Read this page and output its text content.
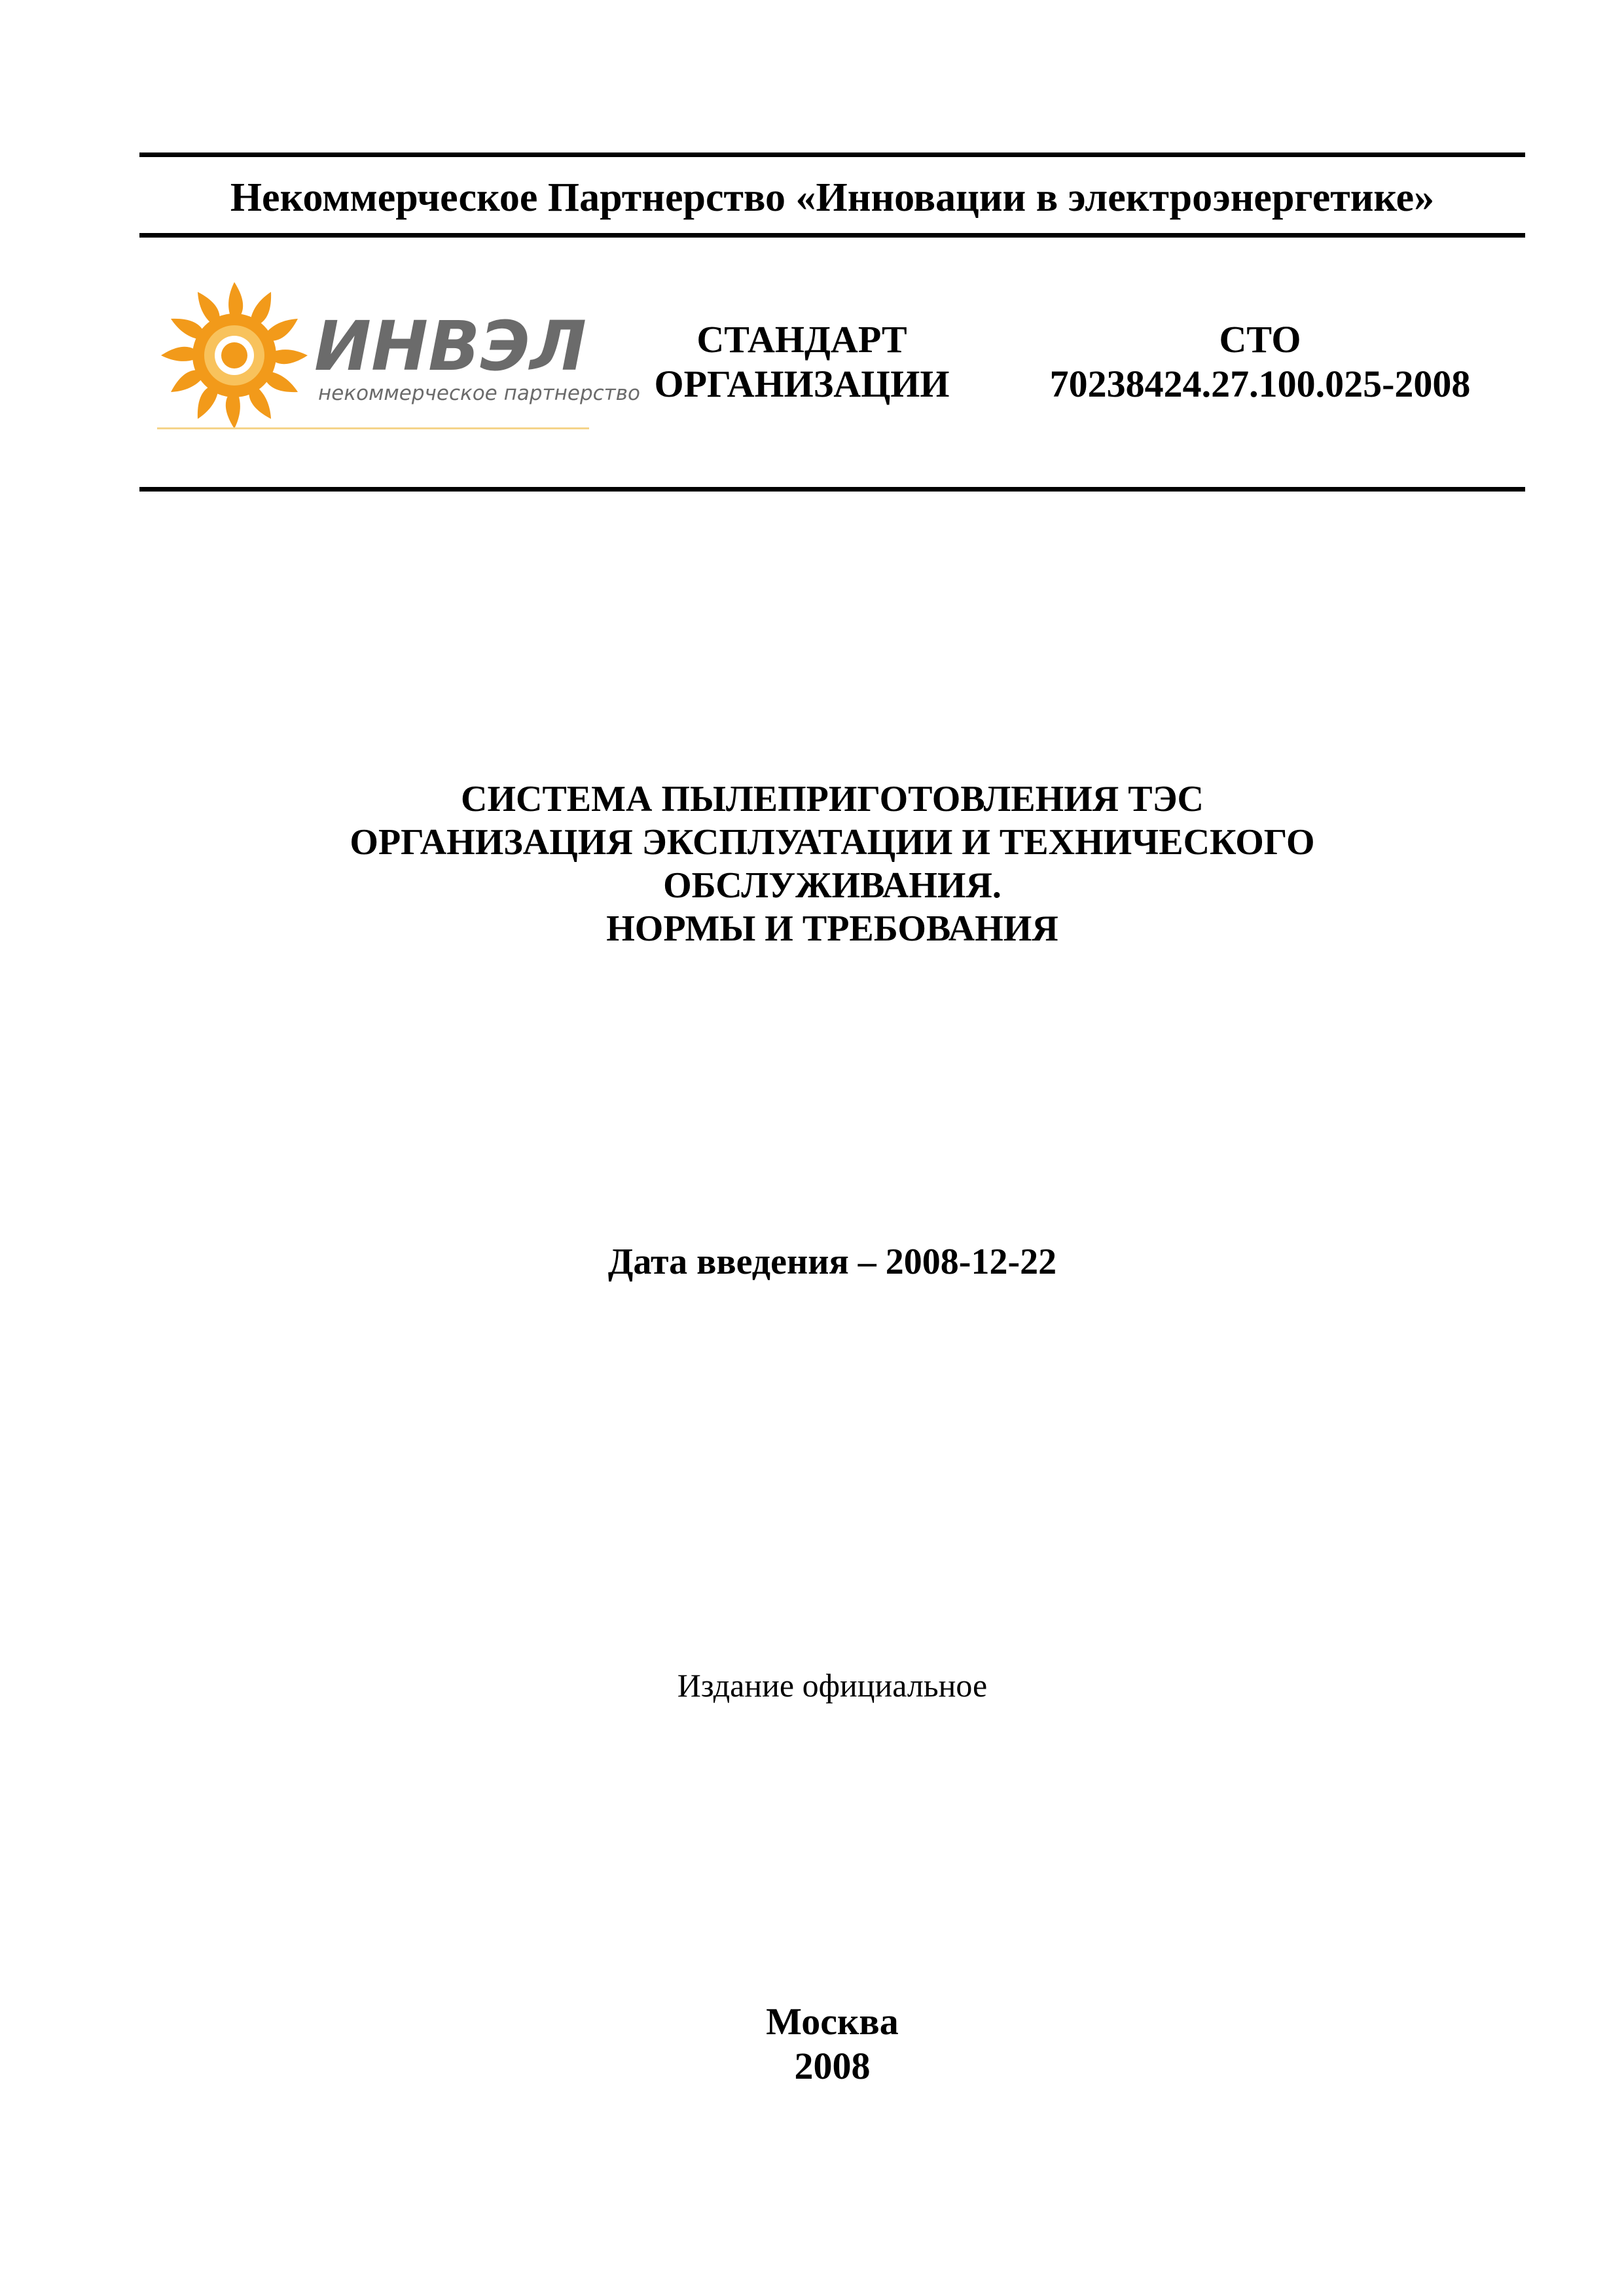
Некоммерческое Партнерство «Инновации в электроэнергетике»
ИНВЭЛ
некоммерческое партнерство
СТАНДАРТ
ОРГАНИЗАЦИИ
СТО
70238424.27.100.025-2008
СИСТЕМА ПЫЛЕПРИГОТОВЛЕНИЯ ТЭС
ОРГАНИЗАЦИЯ ЭКСПЛУАТАЦИИ И ТЕХНИЧЕСКОГО
ОБСЛУЖИВАНИЯ.
НОРМЫ И ТРЕБОВАНИЯ
Дата введения – 2008-12-22
Издание официальное
Москва
2008
